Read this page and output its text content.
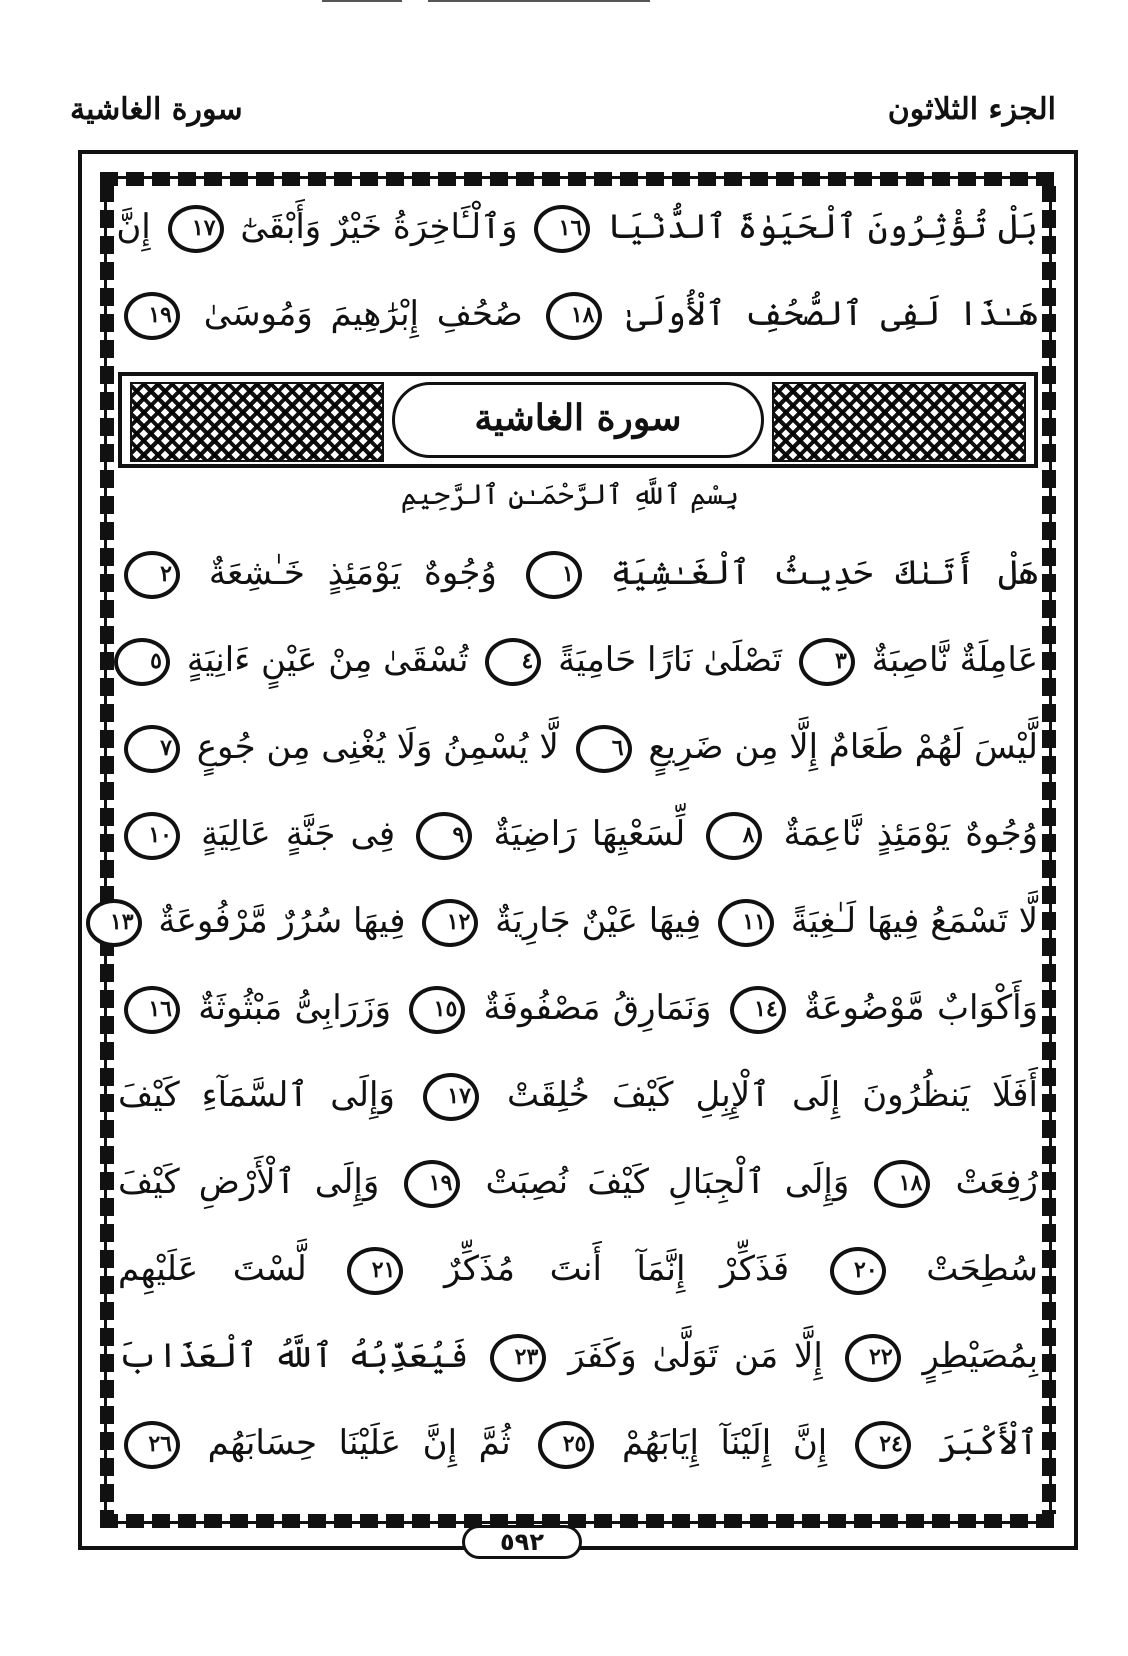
الجزء الثلاثون
سورة الغاشية
بَلْ تُؤْثِرُونَ ٱلْحَيَوٰةَ ٱلدُّنْيَا ١٦ وَٱلْـَٔاخِرَةُ خَيْرٌ وَأَبْقَىٰٓ ١٧ إِنَّ
هَـٰذَا لَفِى ٱلصُّحُفِ ٱلْأُولَىٰ ١٨ صُحُفِ إِبْرَٰهِيمَ وَمُوسَىٰ ١٩
سورة الغاشية
بِسْمِ ٱللَّهِ ٱلرَّحْمَـٰنِ ٱلرَّحِيمِ
هَلْ أَتَىٰكَ حَدِيثُ ٱلْغَـٰشِيَةِ ١ وُجُوهٌ يَوْمَئِذٍ خَـٰشِعَةٌ ٢
عَامِلَةٌ نَّاصِبَةٌ ٣ تَصْلَىٰ نَارًا حَامِيَةً ٤ تُسْقَىٰ مِنْ عَيْنٍ ءَانِيَةٍ ٥
لَّيْسَ لَهُمْ طَعَامٌ إِلَّا مِن ضَرِيعٍ ٦ لَّا يُسْمِنُ وَلَا يُغْنِى مِن جُوعٍ ٧
وُجُوهٌ يَوْمَئِذٍ نَّاعِمَةٌ ٨ لِّسَعْيِهَا رَاضِيَةٌ ٩ فِى جَنَّةٍ عَالِيَةٍ ١٠
لَّا تَسْمَعُ فِيهَا لَـٰغِيَةً ١١ فِيهَا عَيْنٌ جَارِيَةٌ ١٢ فِيهَا سُرُرٌ مَّرْفُوعَةٌ ١٣
وَأَكْوَابٌ مَّوْضُوعَةٌ ١٤ وَنَمَارِقُ مَصْفُوفَةٌ ١٥ وَزَرَابِىُّ مَبْثُوثَةٌ ١٦
أَفَلَا يَنظُرُونَ إِلَى ٱلْإِبِلِ كَيْفَ خُلِقَتْ ١٧ وَإِلَى ٱلسَّمَآءِ كَيْفَ
رُفِعَتْ ١٨ وَإِلَى ٱلْجِبَالِ كَيْفَ نُصِبَتْ ١٩ وَإِلَى ٱلْأَرْضِ كَيْفَ
سُطِحَتْ ٢٠ فَذَكِّرْ إِنَّمَآ أَنتَ مُذَكِّرٌ ٢١ لَّسْتَ عَلَيْهِم
بِمُصَيْطِرٍ ٢٢ إِلَّا مَن تَوَلَّىٰ وَكَفَرَ ٢٣ فَيُعَذِّبُهُ ٱللَّهُ ٱلْعَذَابَ
ٱلْأَكْبَرَ ٢٤ إِنَّ إِلَيْنَآ إِيَابَهُمْ ٢٥ ثُمَّ إِنَّ عَلَيْنَا حِسَابَهُم ٢٦
٥٩٢
